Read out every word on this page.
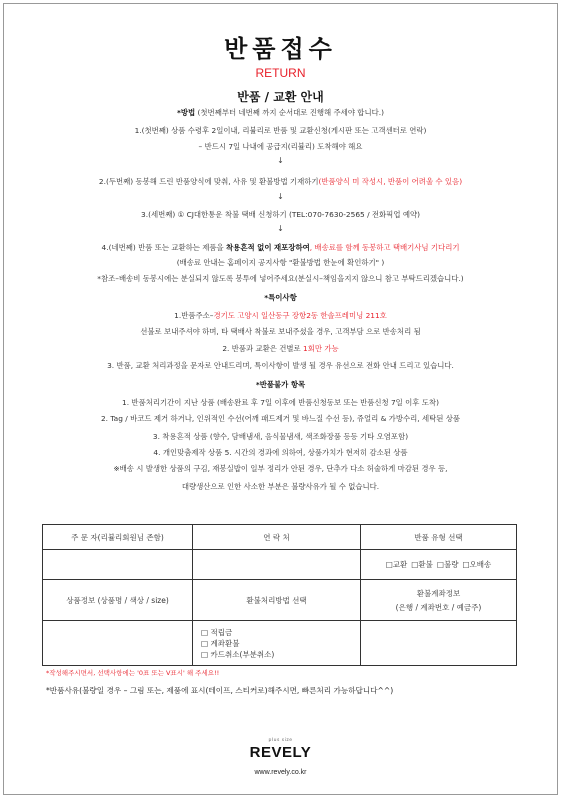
반품접수
RETURN
반품 / 교환 안내
*방법 (첫번째부터 네번째 까지 순서대로 진행해 주세야 합니다.)
1.(첫번째) 상품 수령후 2일이내, 리뷸리로 반품 및 교환신청(게시판 또는 고객센터로 연락)
– 반드시 7일 나내에 공급지(리뷸리) 도착해야 해요
↓
2.(두번째) 동봉해 드린 반품양식에 맞춰, 사유 및 환불방법 기재하기(반품양식 미 작성시, 반품이 어려울 수 있음)
↓
3.(세번째) ① CJ대한통운 착불 택배 신청하기 (TEL:070-7630-2565 / 전화픽업 예약)
↓
4.(네번째) 반품 또는 교환하는 제품을 착용흔적 없이 재포장하여, 배송료를 함께 동봉하고 택배기사님 기다리기
(배송료 안내는 홈페이지 공지사항 "환불방법 한눈에 확인하기" )
*참조–배송비 동봉시에는 분실되지 않도록 봉투에 넣어주세요(분실시–책임을지지 않으니 참고 부탁드리겠습니다.)
*특이사항
1.반품주소–경기도 고양시 일산동구 장항2동 한솔프레미닝 211호
선불로 보내주셔야 하며, 타 택배사 착불로 보내주셨을 경우, 고객부담 으로 반송처리 됨
2. 반품과 교환은 건별로 1회만 가능
3. 반품, 교환 처리과정을 문자로 안내드리며, 특이사항이 발생 될 경우 유선으로 전화 안내 드리고 있습니다.
*반품불가 항목
1. 반품처리기간이 지난 상품 (배송완료 후 7일 이후에 반품신청동보 또는 반품신청 7일 이후 도착)
2. Tag / 바코드 제거 하거나, 인위적인 수선(어깨 패드제거 및 바느질 수선 등), 쥬얼리 & 가방수리, 세탁된 상품
3. 착용흔적 상품 (향수, 담배냄새, 음식물냄새, 색조화장품 등등 기타 오염포함)
4. 개인맞춤제작 상품 5. 시간의 경과에 의하여, 상품가치가 현저히 감소된 상품
※배송 시 발생한 상품의 구김, 재봉실밥이 일부 정리가 안된 경우, 단추가 다소 허술하게 마감된 경우 등,
대량생산으로 인한 사소한 부분은 불량사유가 될 수 없습니다.
주 문 자(리뷸리회원님 존함)	연 락 처	반품 유형 선택
		□교환 □환불 □불량 □오배송
상품정보 (상품명 / 색상 / size)	환불처리방법 선택	환불계좌정보
(은행 / 계좌번호 / 예금주)

	□ 적립금
□ 계좌환불
□ 카드취소(부분취소)	

*작성해주시면서, 선택사항에는 '0표 또는 V표시' 해 주세요!!
*반품사유(불량일 경우 – 그림 또는, 제품에 표시(테이프, 스티커로)해주시면, 빠른처리 가능하답니다^^)
plus size
REVELY
www.revely.co.kr
